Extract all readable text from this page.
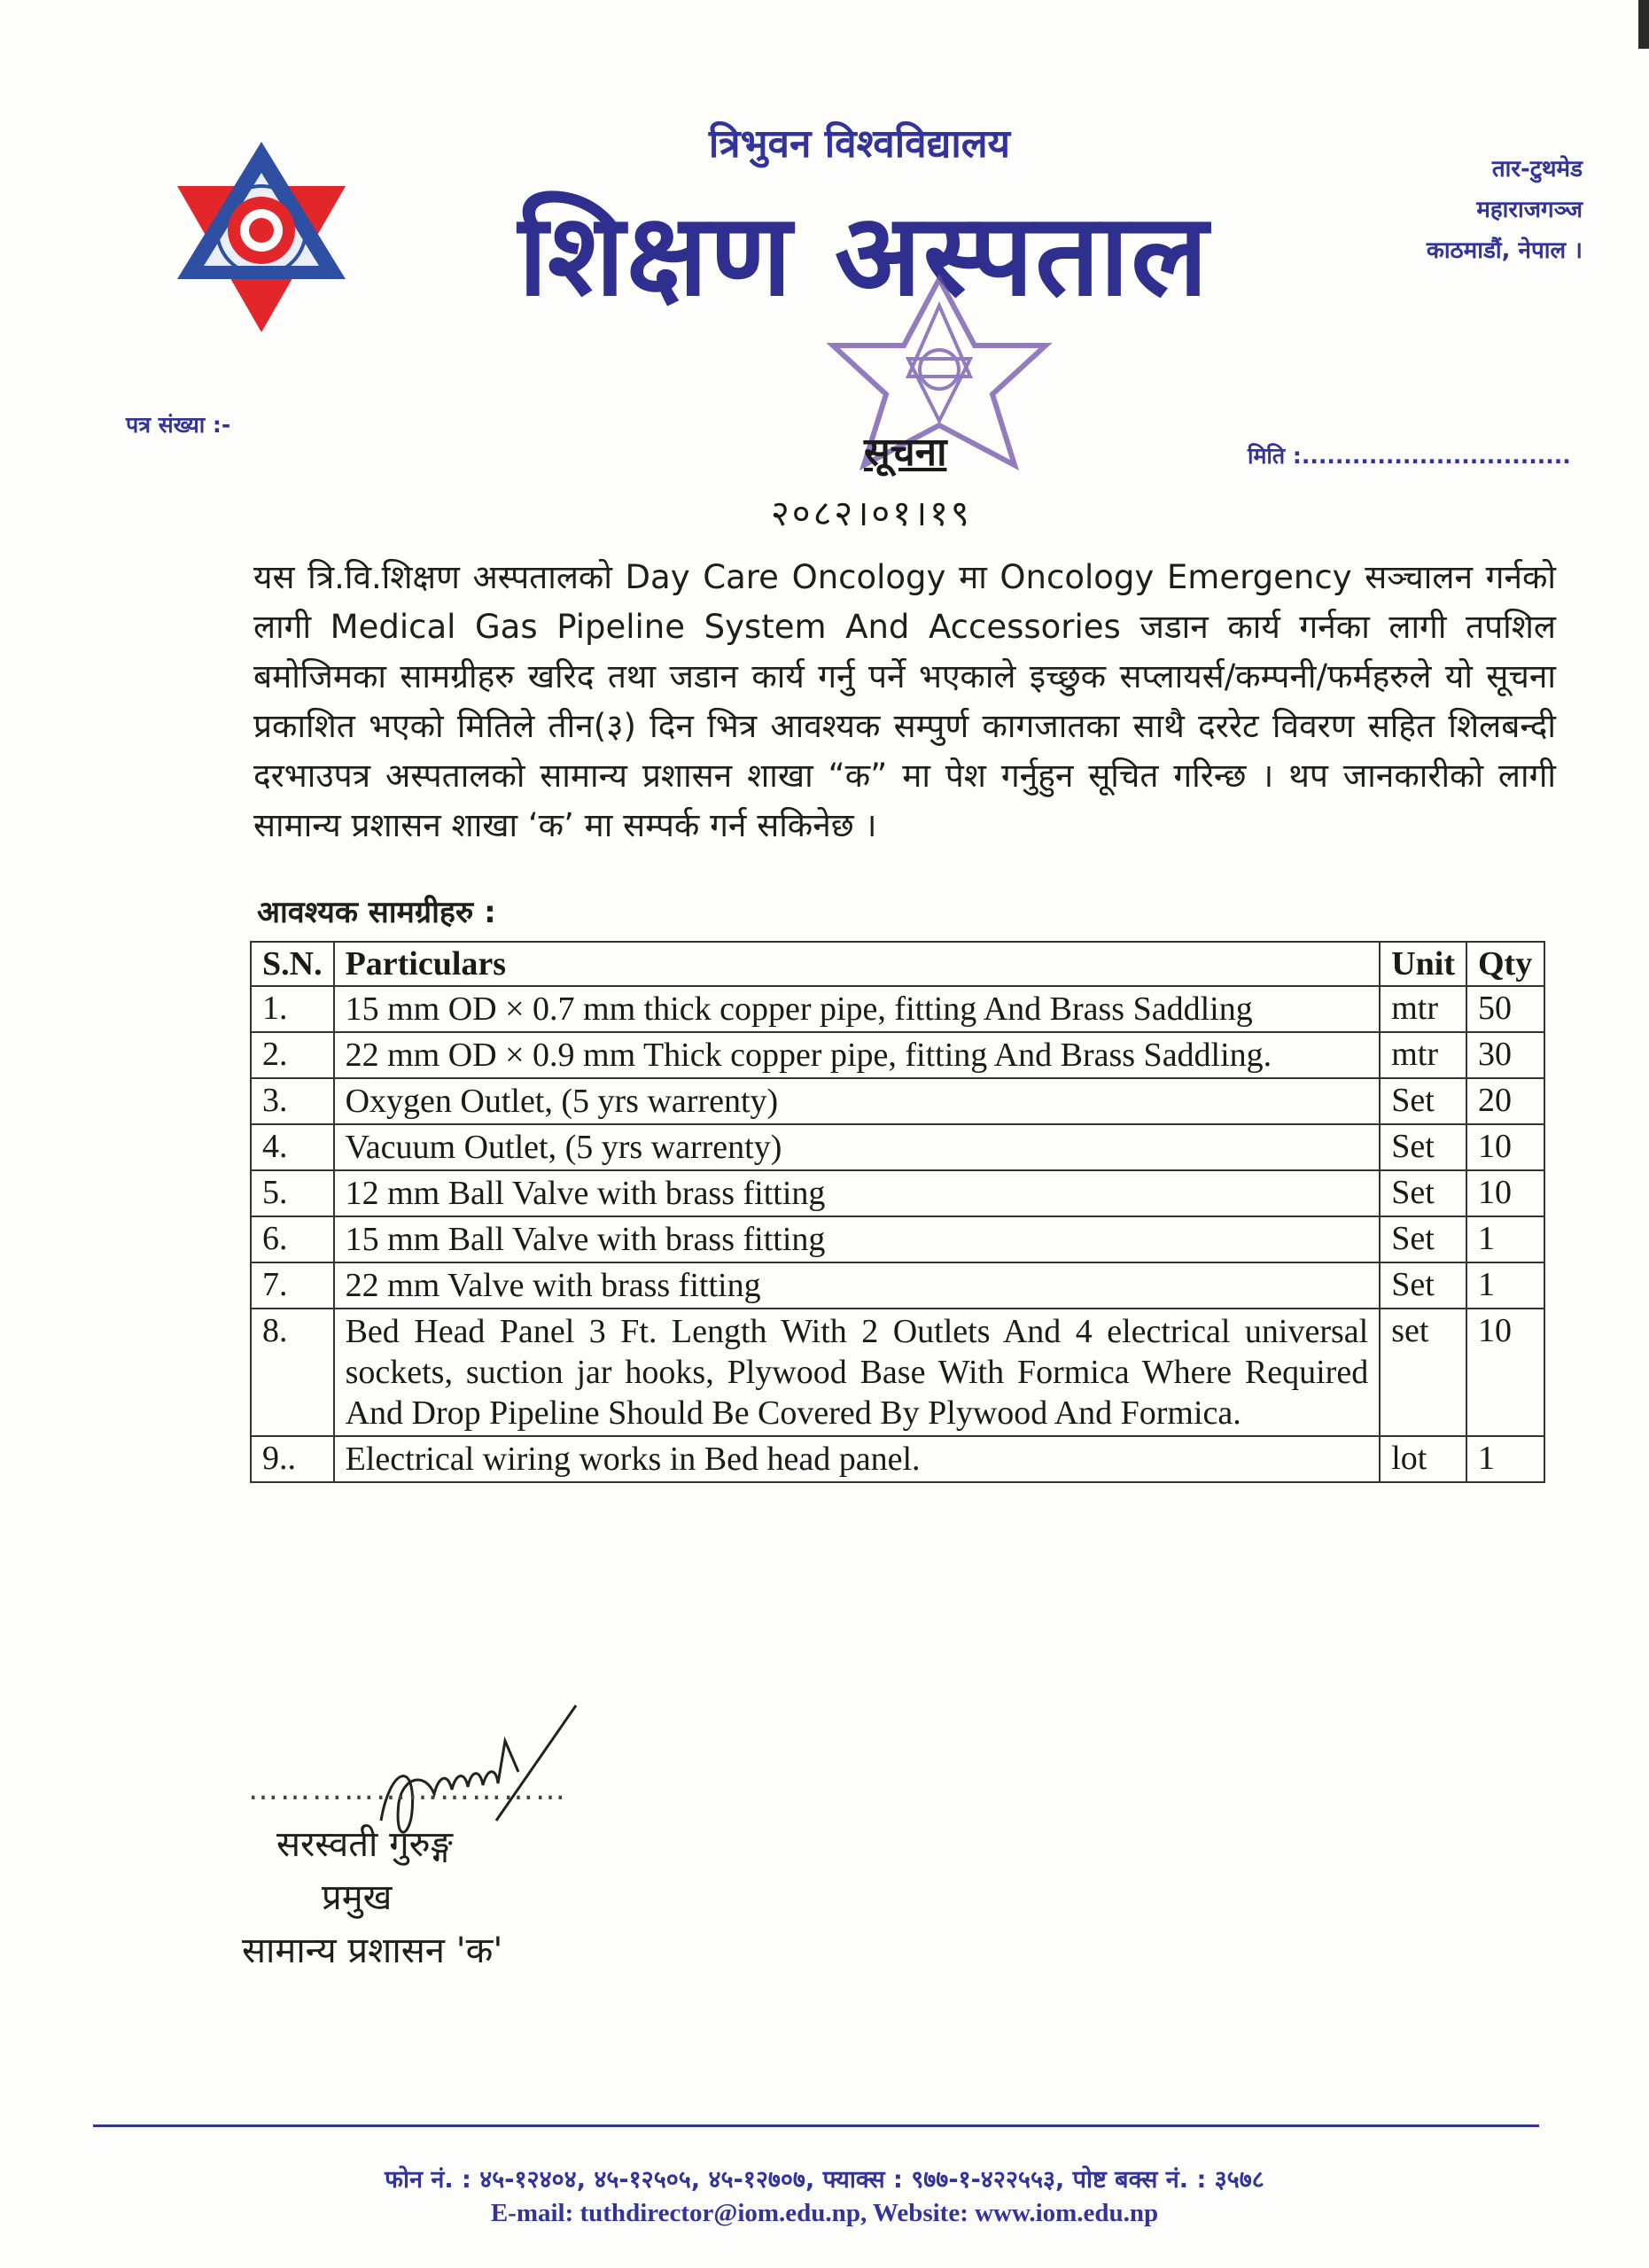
त्रिभुवन विश्वविद्यालय
शिक्षण अस्पताल
तार-टुथमेड
महाराजगञ्ज
काठमाडौं, नेपाल ।
पत्र संख्या :-
मिति :................................
सूचना
२०८२।०१।१९

यस त्रि.वि.शिक्षण अस्पतालको Day Care Oncology मा Oncology Emergency सञ्चालन गर्नको लागी Medical Gas Pipeline System And Accessories जडान कार्य गर्नका लागी तपशिल बमोजिमका सामग्रीहरु खरिद तथा जडान कार्य गर्नु पर्ने भएकाले इच्छुक सप्लायर्स/कम्पनी/फर्महरुले यो सूचना प्रकाशित भएको मितिले तीन(३) दिन भित्र आवश्यक सम्पुर्ण कागजातका साथै दररेट विवरण सहित शिलबन्दी दरभाउपत्र अस्पतालको सामान्य प्रशासन शाखा “क” मा पेश गर्नुहुन सूचित गरिन्छ । थप जानकारीको लागी सामान्य प्रशासन शाखा ‘क’ मा सम्पर्क गर्न सकिनेछ ।

आवश्यक सामग्रीहरु :
S.N.	Particulars	Unit	Qty
1.	15 mm OD × 0.7 mm thick copper pipe, fitting And Brass Saddling	mtr	50
2.	22 mm OD × 0.9 mm Thick copper pipe, fitting And Brass Saddling.	mtr	30
3.	Oxygen Outlet, (5 yrs warrenty)	Set	20
4.	Vacuum Outlet, (5 yrs warrenty)	Set	10
5.	12 mm Ball Valve with brass fitting	Set	10
6.	15 mm Ball Valve with brass fitting	Set	1
7.	22 mm Valve with brass fitting	Set	1
8.	Bed Head Panel 3 Ft. Length With 2 Outlets And 4 electrical universal sockets, suction jar hooks, Plywood Base With Formica Where Required And Drop Pipeline Should Be Covered By Plywood And Formica.	set	10
9..	Electrical wiring works in Bed head panel.	lot	1
…………………………
सरस्वती गुरुङ्ग
प्रमुख
सामान्य प्रशासन 'क'
फोन नं. : ४५-१२४०४, ४५-१२५०५, ४५-१२७०७, फ्याक्स : ९७७-१-४२२५५३, पोष्ट बक्स नं. : ३५७८
E-mail: tuthdirector@iom.edu.np, Website: www.iom.edu.np
